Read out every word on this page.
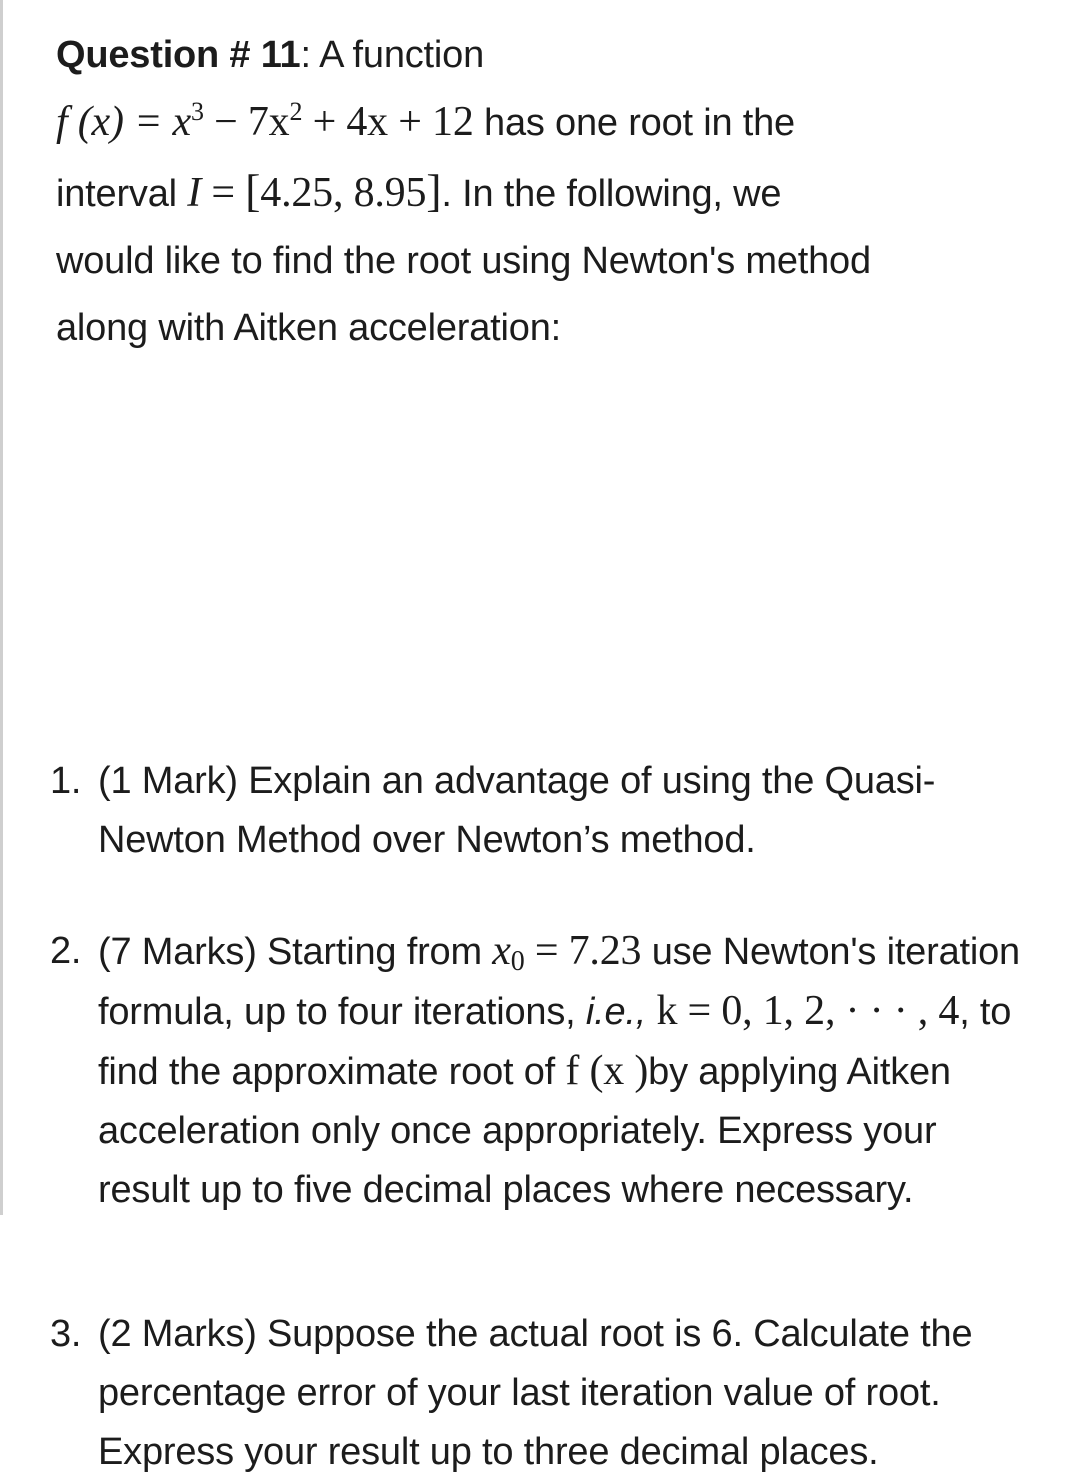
Question # 11: A function
f $(x) = x^3 - 7x^2 + 4x + 12$ has one root in the
interval I = [4.25, 8.95]. In the following, we
would like to find the root using Newton's method
along with Aitken acceleration:

1. (1 Mark) Explain an advantage of using the Quasi-Newton Method over Newton’s method.
2. (7 Marks) Starting from $x_0 = 7.23$ use Newton's iteration formula, up to four iterations, i.e., k = 0, 1, 2, · · · , 4, to find the approximate root of f (x )by applying Aitken acceleration only once appropriately. Express your result up to five decimal places where necessary.
3. (2 Marks) Suppose the actual root is 6. Calculate the percentage error of your last iteration value of root. Express your result up to three decimal places.
